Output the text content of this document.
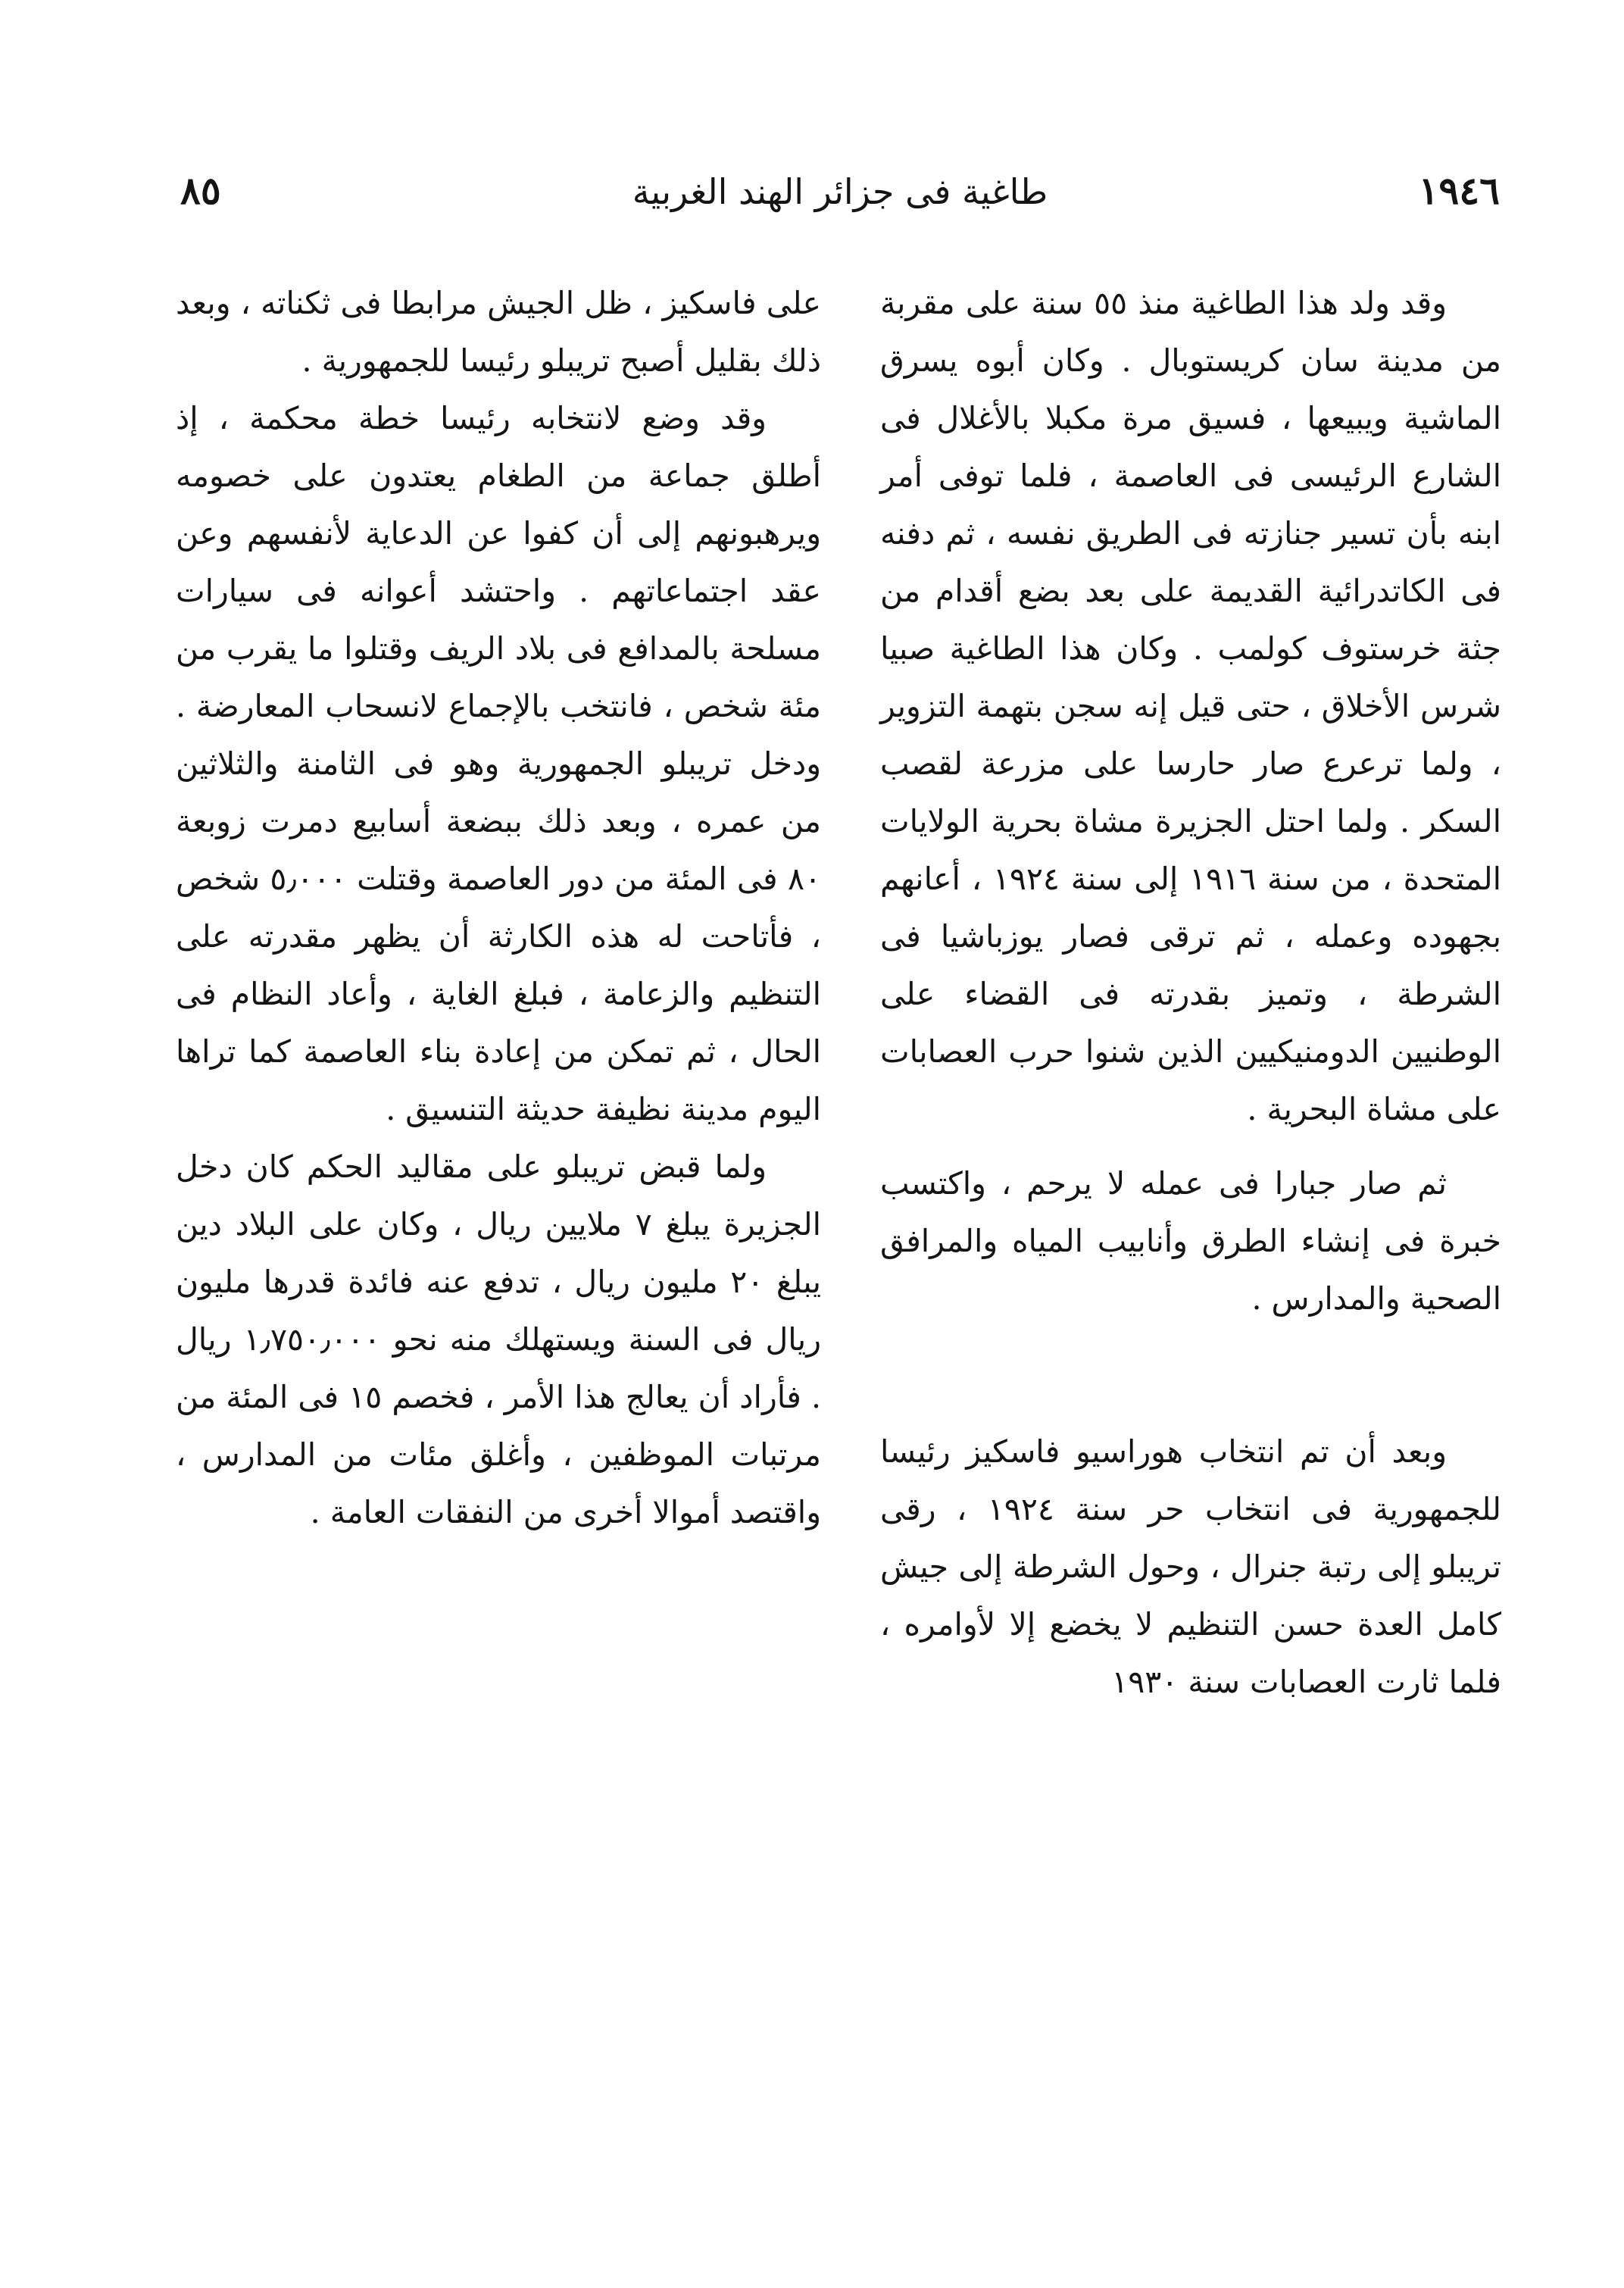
١٩٤٦
طاغية فى جزائر الهند الغربية
٨٥

وقد ولد هذا الطاغية منذ ٥٥ سنة على مقربة من مدينة سان كريستوبال . وكان أبوه يسرق الماشية ويبيعها ، فسيق مرة مكبلا بالأغلال فى الشارع الرئيسى فى العاصمة ، فلما توفى أمر ابنه بأن تسير جنازته فى الطريق نفسه ، ثم دفنه فى الكاتدرائية القديمة على بعد بضع أقدام من جثة خرستوف كولمب . وكان هذا الطاغية صبيا شرس الأخلاق ، حتى قيل إنه سجن بتهمة التزوير ، ولما ترعرع صار حارسا على مزرعة لقصب السكر . ولما احتل الجزيرة مشاة بحرية الولايات المتحدة ، من سنة ١٩١٦ إلى سنة ١٩٢٤ ، أعانهم بجهوده وعمله ، ثم ترقى فصار يوزباشيا فى الشرطة ، وتميز بقدرته فى القضاء على الوطنيين الدومنيكيين الذين شنوا حرب العصابات على مشاة البحرية .

ثم صار جبارا فى عمله لا يرحم ، واكتسب خبرة فى إنشاء الطرق وأنابيب المياه والمرافق الصحية والمدارس .

وبعد أن تم انتخاب هوراسيو فاسكيز رئيسا للجمهورية فى انتخاب حر سنة ١٩٢٤ ، رقى تريبلو إلى رتبة جنرال ، وحول الشرطة إلى جيش كامل العدة حسن التنظيم لا يخضع إلا لأوامره ، فلما ثارت العصابات سنة ١٩٣٠

على فاسكيز ، ظل الجيش مرابطا فى ثكناته ، وبعد ذلك بقليل أصبح تريبلو رئيسا للجمهورية .

وقد وضع لانتخابه رئيسا خطة محكمة ، إذ أطلق جماعة من الطغام يعتدون على خصومه ويرهبونهم إلى أن كفوا عن الدعاية لأنفسهم وعن عقد اجتماعاتهم . واحتشد أعوانه فى سيارات مسلحة بالمدافع فى بلاد الريف وقتلوا ما يقرب من مئة شخص ، فانتخب بالإجماع لانسحاب المعارضة . ودخل تريبلو الجمهورية وهو فى الثامنة والثلاثين من عمره ، وبعد ذلك ببضعة أسابيع دمرت زوبعة ٨٠ فى المئة من دور العاصمة وقتلت ٥٫٠٠٠ شخص ، فأتاحت له هذه الكارثة أن يظهر مقدرته على التنظيم والزعامة ، فبلغ الغاية ، وأعاد النظام فى الحال ، ثم تمكن من إعادة بناء العاصمة كما تراها اليوم مدينة نظيفة حديثة التنسيق .

ولما قبض تريبلو على مقاليد الحكم كان دخل الجزيرة يبلغ ٧ ملايين ريال ، وكان على البلاد دين يبلغ ٢٠ مليون ريال ، تدفع عنه فائدة قدرها مليون ريال فى السنة ويستهلك منه نحو ١٫٧٥٠٫٠٠٠ ريال . فأراد أن يعالج هذا الأمر ، فخصم ١٥ فى المئة من مرتبات الموظفين ، وأغلق مئات من المدارس ، واقتصد أموالا أخرى من النفقات العامة .
